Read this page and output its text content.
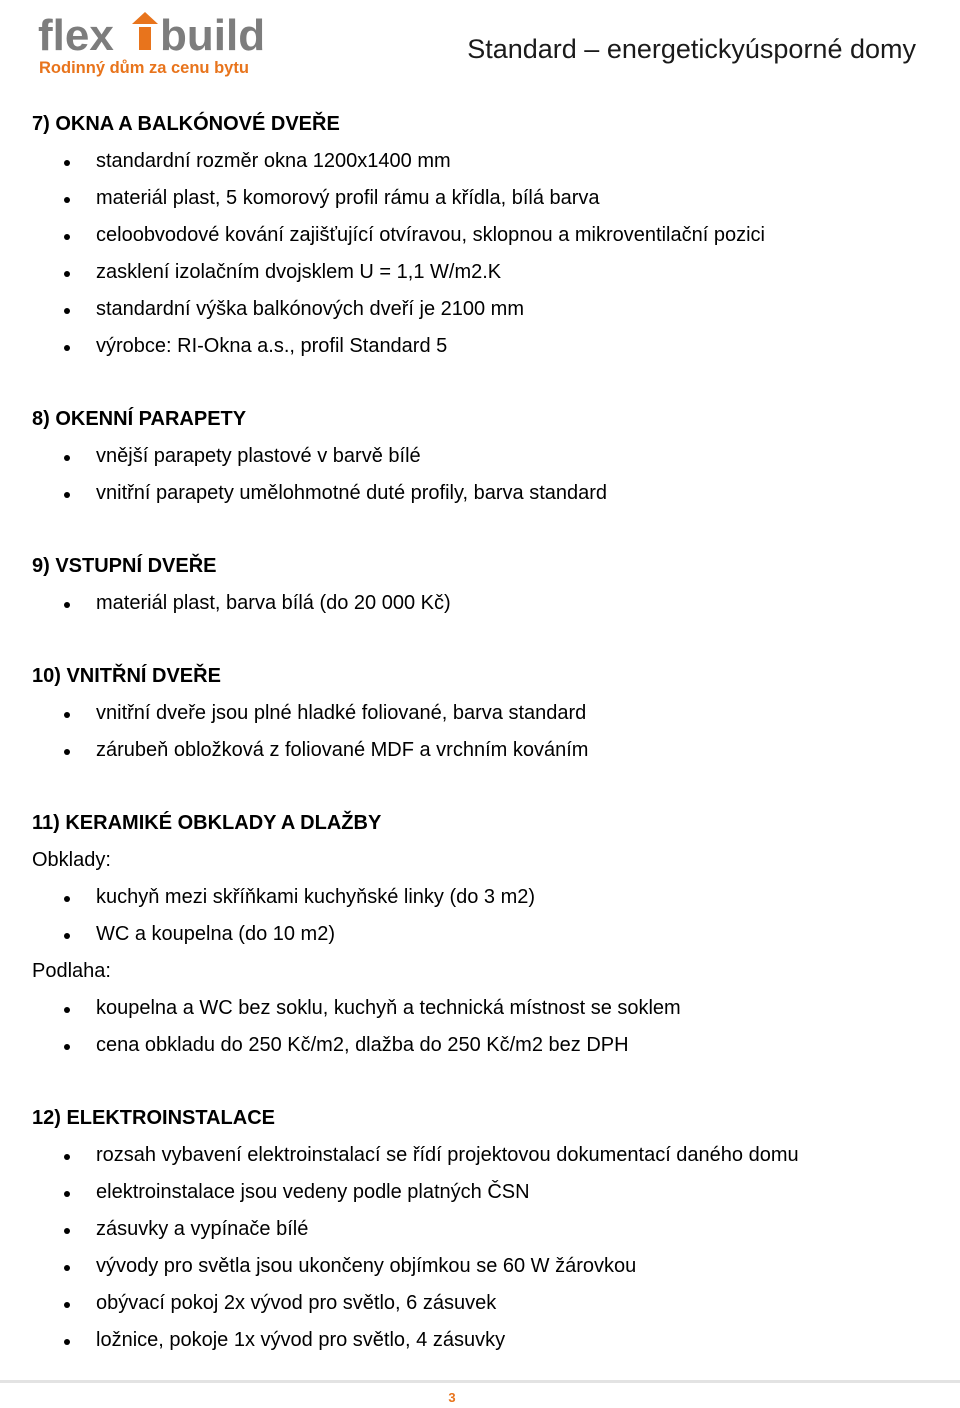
flex build
Rodinný dům za cenu bytu
Standard – energetickyúsporné domy
7) OKNA A BALKÓNOVÉ DVEŘE
standardní rozměr okna 1200x1400 mm
materiál plast, 5 komorový profil rámu a křídla, bílá barva
celoobvodové kování zajišťující otvíravou, sklopnou a mikroventilační pozici
zasklení izolačním dvojsklem U = 1,1 W/m2.K
standardní výška balkónových dveří je 2100 mm
výrobce: RI-Okna a.s., profil Standard 5
8) OKENNÍ PARAPETY
vnější parapety plastové v barvě bílé
vnitřní parapety umělohmotné duté profily, barva standard
9) VSTUPNÍ DVEŘE
materiál plast, barva bílá (do 20 000 Kč)
10) VNITŘNÍ DVEŘE
vnitřní dveře jsou plné hladké foliované, barva standard
zárubeň obložková z foliované MDF a vrchním kováním
11) KERAMIKÉ OBKLADY A DLAŽBY

Obklady:

kuchyň mezi skříňkami kuchyňské linky (do 3 m2)
WC a koupelna (do 10 m2)

Podlaha:

koupelna a WC bez soklu, kuchyň a technická místnost se soklem
cena obkladu do 250 Kč/m2, dlažba do 250 Kč/m2 bez DPH
12) ELEKTROINSTALACE
rozsah vybavení elektroinstalací se řídí projektovou dokumentací daného domu
elektroinstalace jsou vedeny podle platných ČSN
zásuvky a vypínače bílé
vývody pro světla jsou ukončeny objímkou se 60 W žárovkou
obývací pokoj 2x vývod pro světlo, 6 zásuvek
ložnice, pokoje 1x vývod pro světlo, 4 zásuvky
3
